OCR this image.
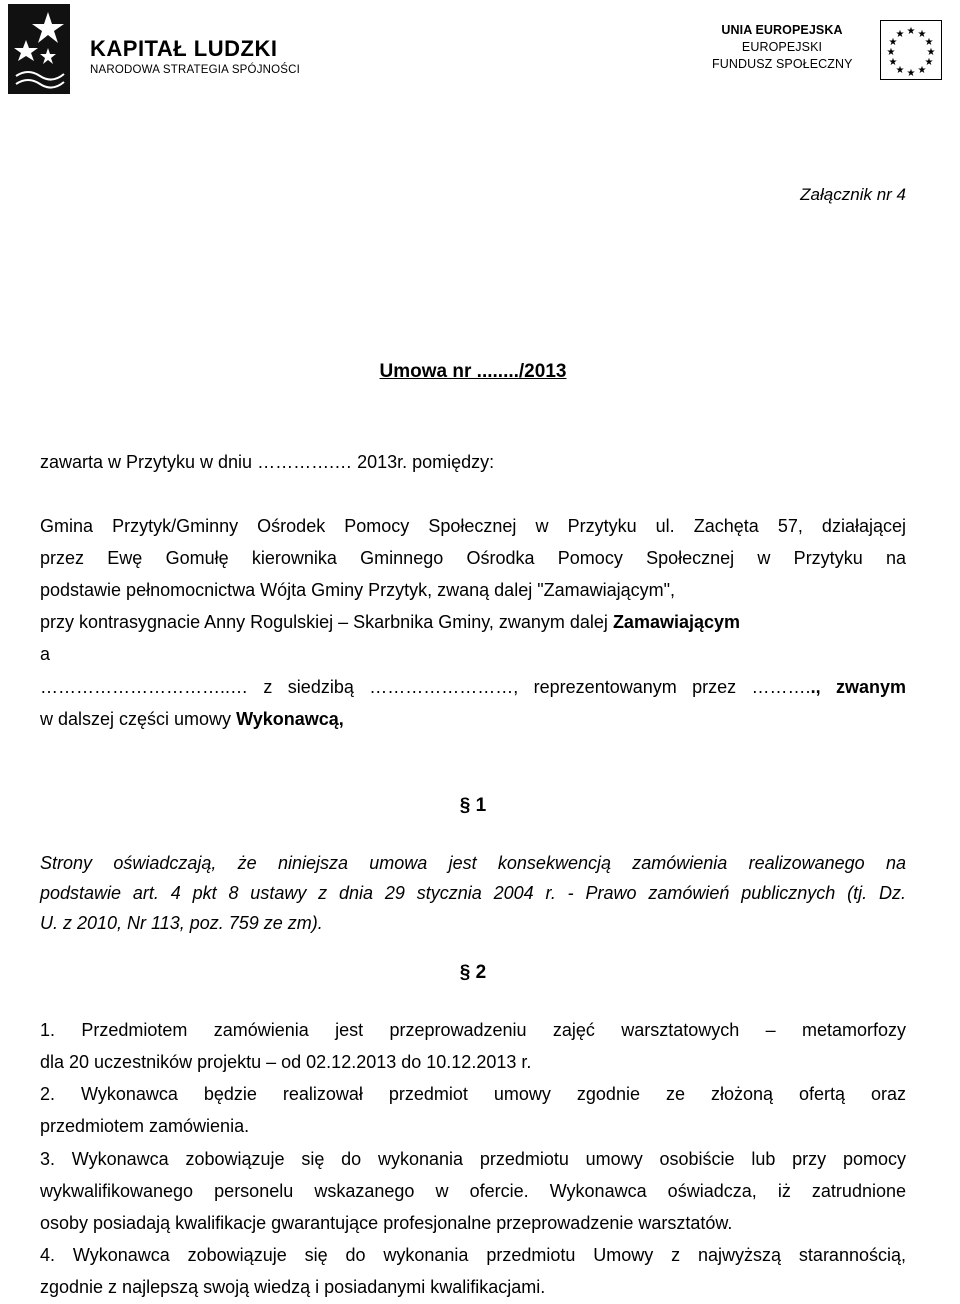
KAPITAŁ LUDZKI
NARODOWA STRATEGIA SPÓJNOŚCI
UNIA EUROPEJSKA
EUROPEJSKI
FUNDUSZ SPOŁECZNY
★ ★
★
★
★
★
★
★
★
★
★
★
Załącznik nr 4
Umowa nr ......../2013
zawarta w Przytyku w dniu ………….… 2013r. pomiędzy:
Gmina Przytyk/Gminny Ośrodek Pomocy Społecznej w Przytyku ul. Zachęta 57, działającej
przez Ewę Gomułę kierownika Gminnego Ośrodka Pomocy Społecznej w Przytyku na
podstawie pełnomocnictwa Wójta Gminy Przytyk, zwaną dalej "Zamawiającym",
przy kontrasygnacie Anny Rogulskiej – Skarbnika Gminy, zwanym dalej Zamawiającym
a
…………………………..… z siedzibą ……………………, reprezentowanym przez ……….., zwanym
w dalszej części umowy Wykonawcą,
§ 1
Strony oświadczają, że niniejsza umowa jest konsekwencją zamówienia realizowanego na
podstawie art. 4 pkt 8 ustawy z dnia 29 stycznia 2004 r. - Prawo zamówień publicznych (tj. Dz.
U. z 2010, Nr 113, poz. 759 ze zm).
§ 2
1. Przedmiotem zamówienia jest przeprowadzeniu zajęć warsztatowych – metamorfozy
dla 20 uczestników projektu – od 02.12.2013 do 10.12.2013 r.
2. Wykonawca będzie realizował przedmiot umowy zgodnie ze złożoną ofertą oraz
przedmiotem zamówienia.
3. Wykonawca zobowiązuje się do wykonania przedmiotu umowy osobiście lub przy pomocy
wykwalifikowanego personelu wskazanego w ofercie. Wykonawca oświadcza, iż zatrudnione
osoby posiadają kwalifikacje gwarantujące profesjonalne przeprowadzenie warsztatów.
4. Wykonawca zobowiązuje się do wykonania przedmiotu Umowy z najwyższą starannością,
zgodnie z najlepszą swoją wiedzą i posiadanymi kwalifikacjami.
